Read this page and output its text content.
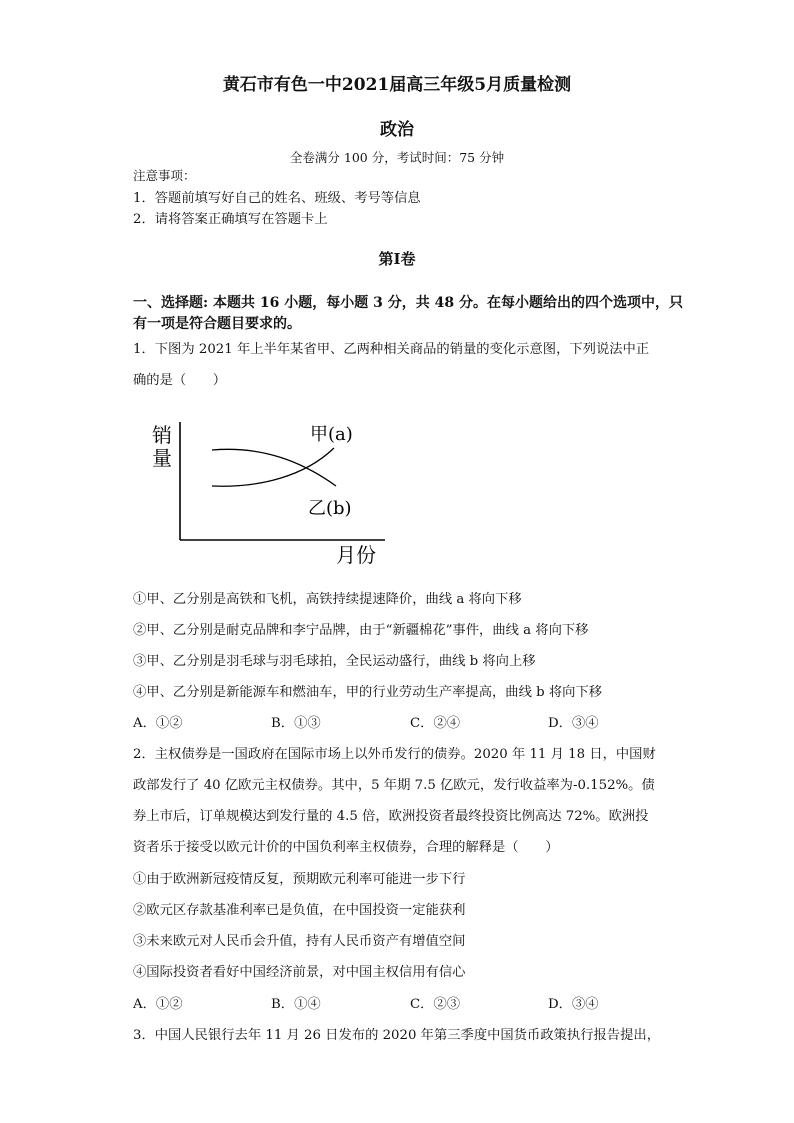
黄石市有色一中2021届高三年级5月质量检测
政治
全卷满分 100 分，考试时间：75 分钟
注意事项：
1．答题前填写好自己的姓名、班级、考号等信息
2．请将答案正确填写在答题卡上
第I卷
一、选择题: 本题共 16 小题，每小题 3 分，共 48 分。在每小题给出的四个选项中，只
有一项是符合题目要求的。
1．下图为 2021 年上半年某省甲、乙两种相关商品的销量的变化示意图，下列说法中正
确的是（　　）
销
量
月份
甲(a)
乙(b)
①甲、乙分别是高铁和飞机，高铁持续提速降价，曲线 a 将向下移
②甲、乙分别是耐克品牌和李宁品牌，由于“新疆棉花”事件，曲线 a 将向下移
③甲、乙分别是羽毛球与羽毛球拍，全民运动盛行，曲线 b 将向上移
④甲、乙分别是新能源车和燃油车，甲的行业劳动生产率提高，曲线 b 将向下移
A．①②	B．①③	C．②④	D．③④
2．主权债券是一国政府在国际市场上以外币发行的债券。2020 年 11 月 18 日，中国财
政部发行了 40 亿欧元主权债券。其中，5 年期 7.5 亿欧元，发行收益率为-0.152%。债
券上市后，订单规模达到发行量的 4.5 倍，欧洲投资者最终投资比例高达 72%。欧洲投
资者乐于接受以欧元计价的中国负利率主权债券，合理的解释是（　　）
①由于欧洲新冠疫情反复，预期欧元利率可能进一步下行
②欧元区存款基准利率已是负值，在中国投资一定能获利
③未来欧元对人民币会升值，持有人民币资产有增值空间
④国际投资者看好中国经济前景，对中国主权信用有信心
A．①②	B．①④	C．②③	D．③④
3．中国人民银行去年 11 月 26 日发布的 2020 年第三季度中国货币政策执行报告提出，
